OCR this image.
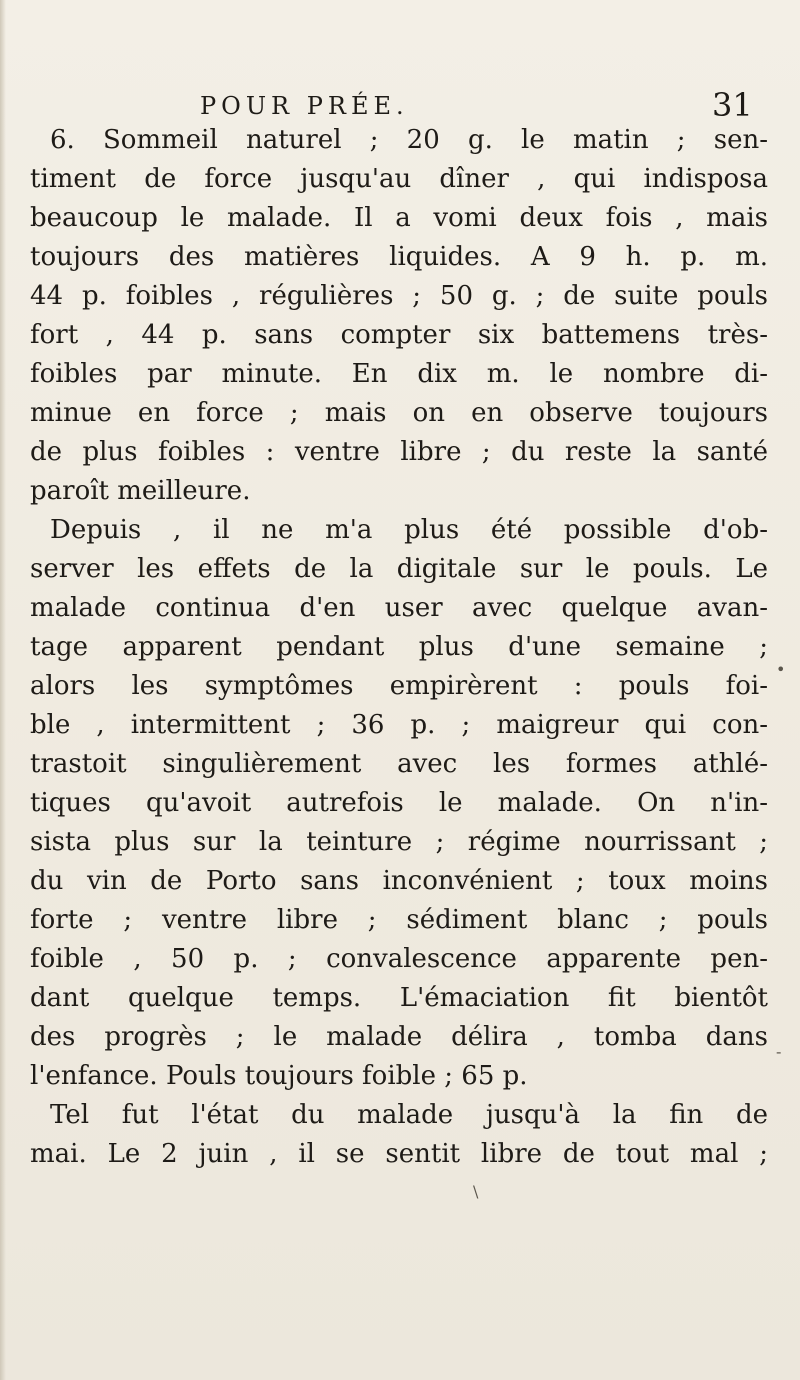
POUR PRÉE.	31
6. Sommeil naturel ; 20 g. le matin ; sen-
timent de force jusqu'au dîner , qui indisposa
beaucoup le malade. Il a vomi deux fois , mais
toujours des matières liquides. A 9 h. p. m.
44 p. foibles , régulières ; 50 g. ; de suite pouls
fort , 44 p. sans compter six battemens très-
foibles par minute. En dix m. le nombre di-
minue en force ; mais on en observe toujours
de plus foibles : ventre libre ; du reste la santé
paroît meilleure.
Depuis , il ne m'a plus été possible d'ob-
server les effets de la digitale sur le pouls. Le
malade continua d'en user avec quelque avan-
tage apparent pendant plus d'une semaine ;
alors les symptômes empirèrent : pouls foi-
ble , intermittent ; 36 p. ; maigreur qui con-
trastoit singulièrement avec les formes athlé-
tiques qu'avoit autrefois le malade. On n'in-
sista plus sur la teinture ; régime nourrissant ;
du vin de Porto sans inconvénient ; toux moins
forte ; ventre libre ; sédiment blanc ; pouls
foible , 50 p. ; convalescence apparente pen-
dant quelque temps. L'émaciation fit bientôt
des progrès ; le malade délira , tomba dans
l'enfance. Pouls toujours foible ; 65 p.
Tel fut l'état du malade jusqu'à la fin de
mai. Le 2 juin , il se sentit libre de tout mal ;
•
-
\
